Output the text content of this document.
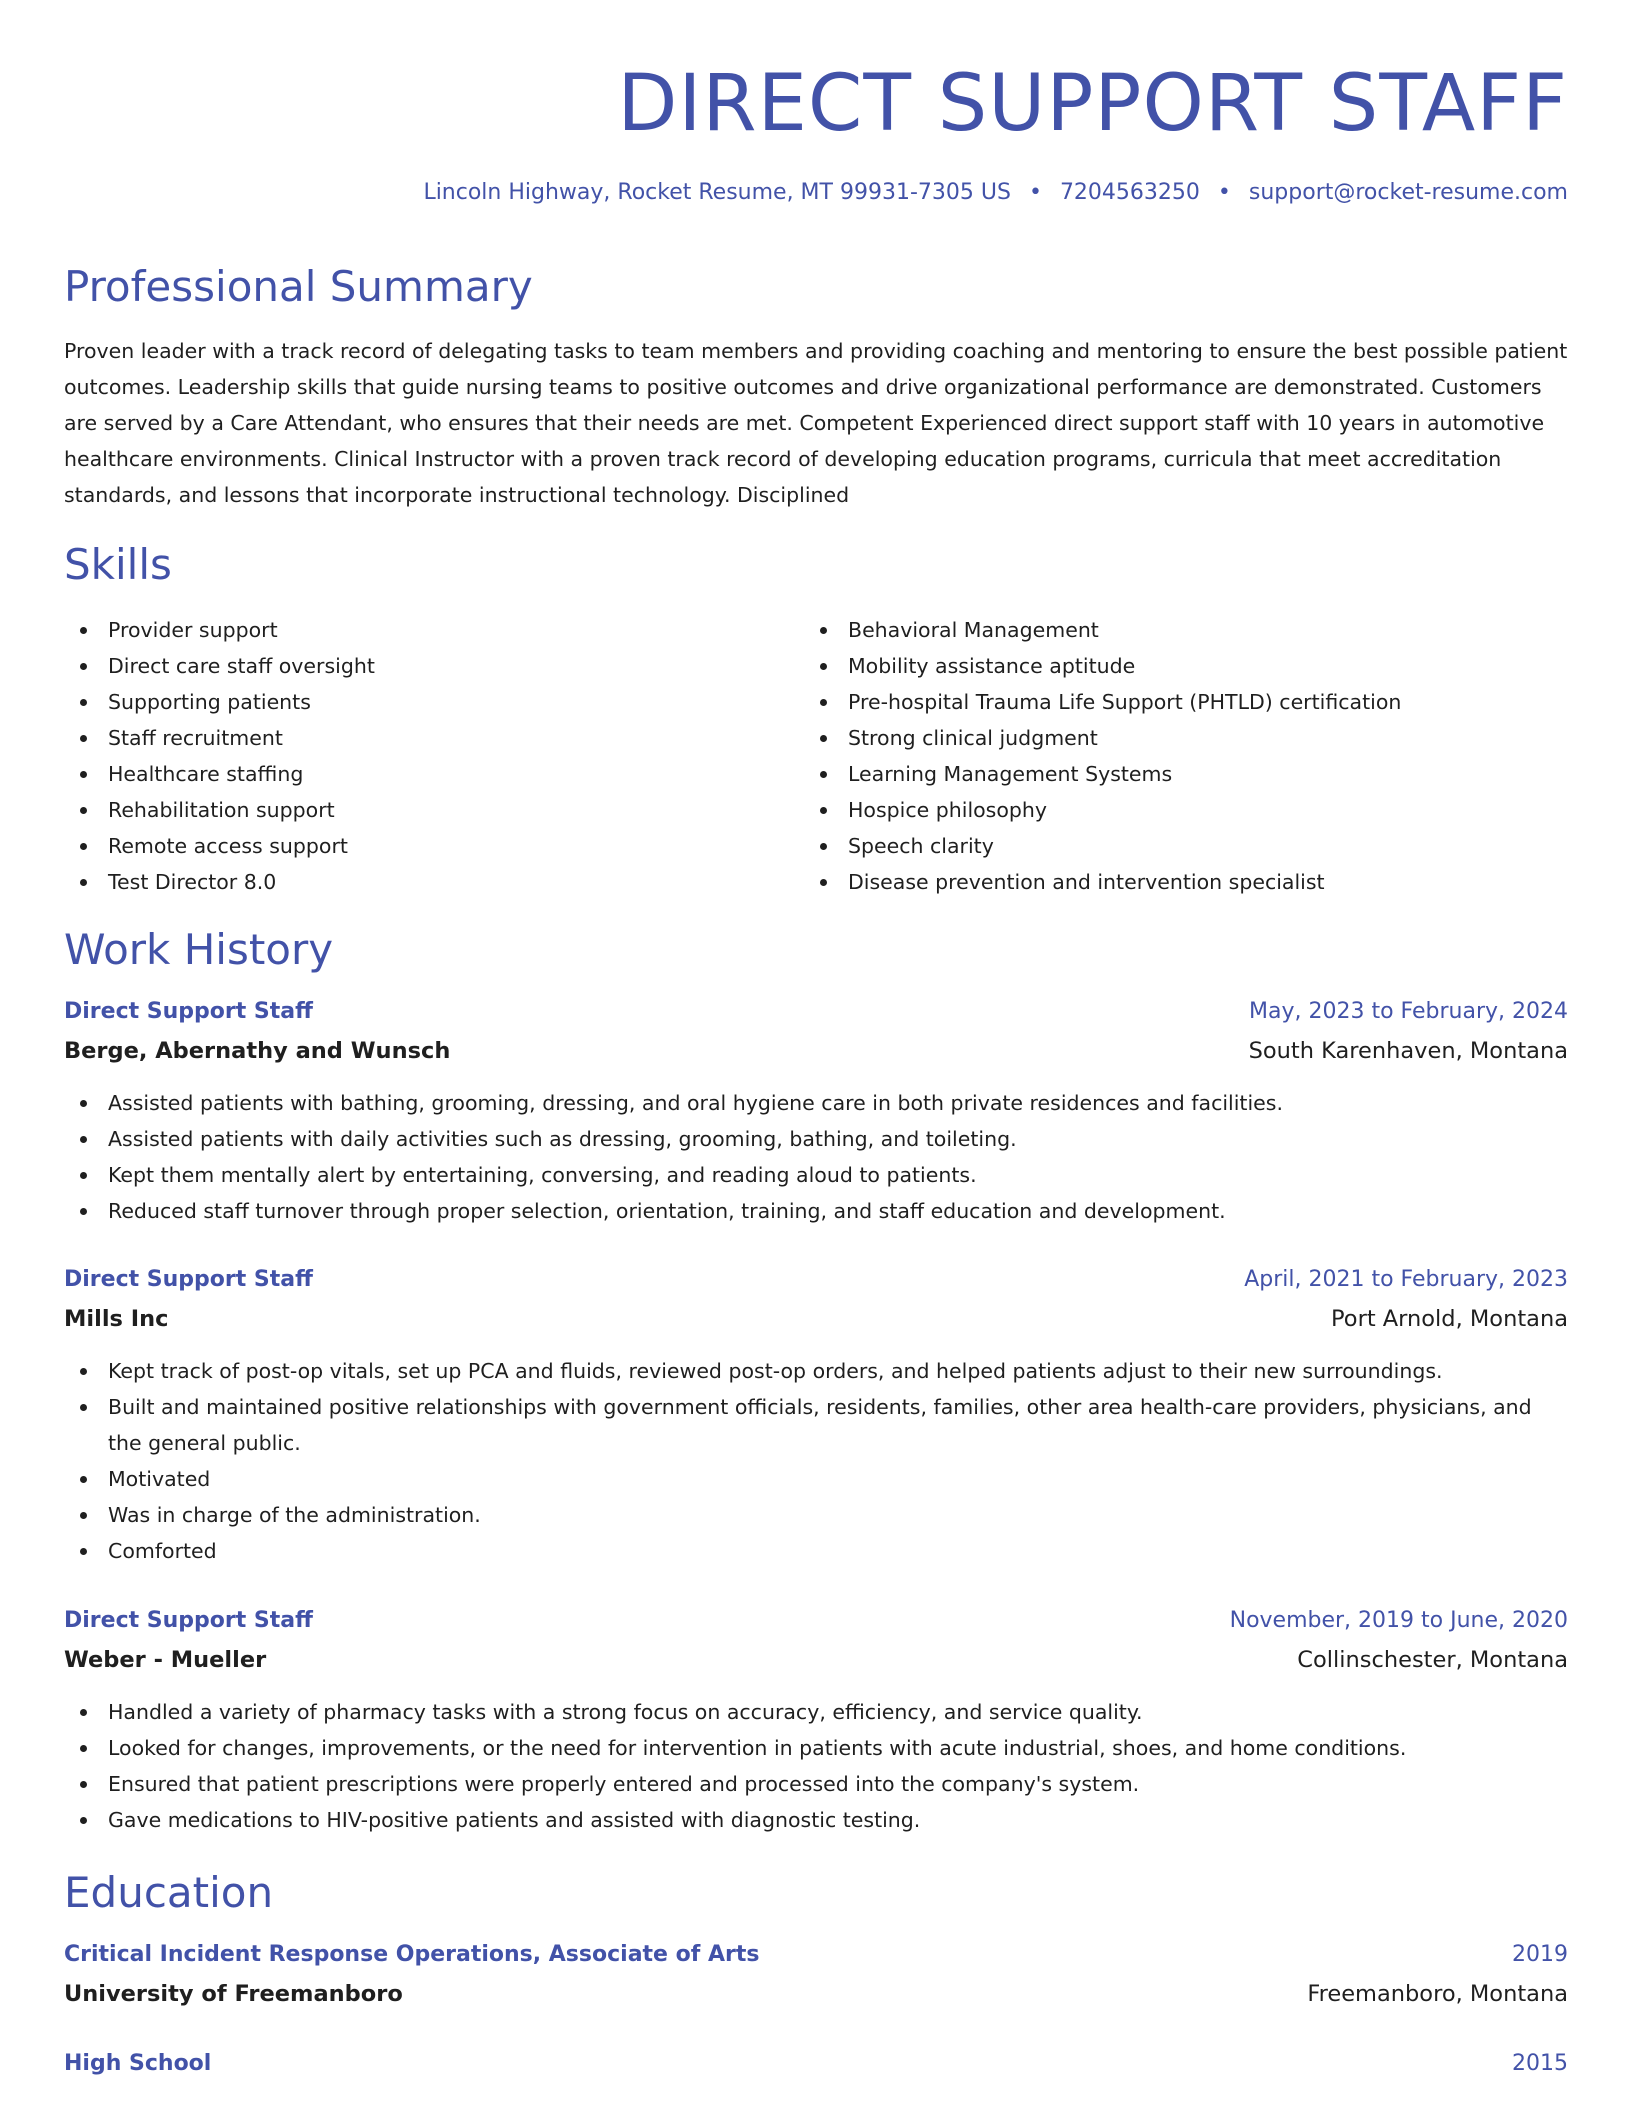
DIRECT SUPPORT STAFF
Lincoln Highway, Rocket Resume, MT 99931-7305 US • 7204563250 • support@rocket-resume.com
Professional Summary

Proven leader with a track record of delegating tasks to team members and providing coaching and mentoring to ensure the best possible patient outcomes. Leadership skills that guide nursing teams to positive outcomes and drive organizational performance are demonstrated. Customers are served by a Care Attendant, who ensures that their needs are met. Competent Experienced direct support staff with 10 years in automotive healthcare environments. Clinical Instructor with a proven track record of developing education programs, curricula that meet accreditation standards, and lessons that incorporate instructional technology. Disciplined

Skills
Provider support
Direct care staff oversight
Supporting patients
Staff recruitment
Healthcare staffing
Rehabilitation support
Remote access support
Test Director 8.0
Behavioral Management
Mobility assistance aptitude
Pre-hospital Trauma Life Support (PHTLD) certification
Strong clinical judgment
Learning Management Systems
Hospice philosophy
Speech clarity
Disease prevention and intervention specialist
Work History
Direct Support Staff	May, 2023 to February, 2024
Berge, Abernathy and Wunsch	South Karenhaven, Montana
Assisted patients with bathing, grooming, dressing, and oral hygiene care in both private residences and facilities.
Assisted patients with daily activities such as dressing, grooming, bathing, and toileting.
Kept them mentally alert by entertaining, conversing, and reading aloud to patients.
Reduced staff turnover through proper selection, orientation, training, and staff education and development.
Direct Support Staff	April, 2021 to February, 2023
Mills Inc	Port Arnold, Montana
Kept track of post-op vitals, set up PCA and fluids, reviewed post-op orders, and helped patients adjust to their new surroundings.
Built and maintained positive relationships with government officials, residents, families, other area health-care providers, physicians, and the general public.
Motivated
Was in charge of the administration.
Comforted
Direct Support Staff	November, 2019 to June, 2020
Weber - Mueller	Collinschester, Montana
Handled a variety of pharmacy tasks with a strong focus on accuracy, efficiency, and service quality.
Looked for changes, improvements, or the need for intervention in patients with acute industrial, shoes, and home conditions.
Ensured that patient prescriptions were properly entered and processed into the company's system.
Gave medications to HIV-positive patients and assisted with diagnostic testing.
Education
Critical Incident Response Operations, Associate of Arts	2019
University of Freemanboro	Freemanboro, Montana
High School	2015
